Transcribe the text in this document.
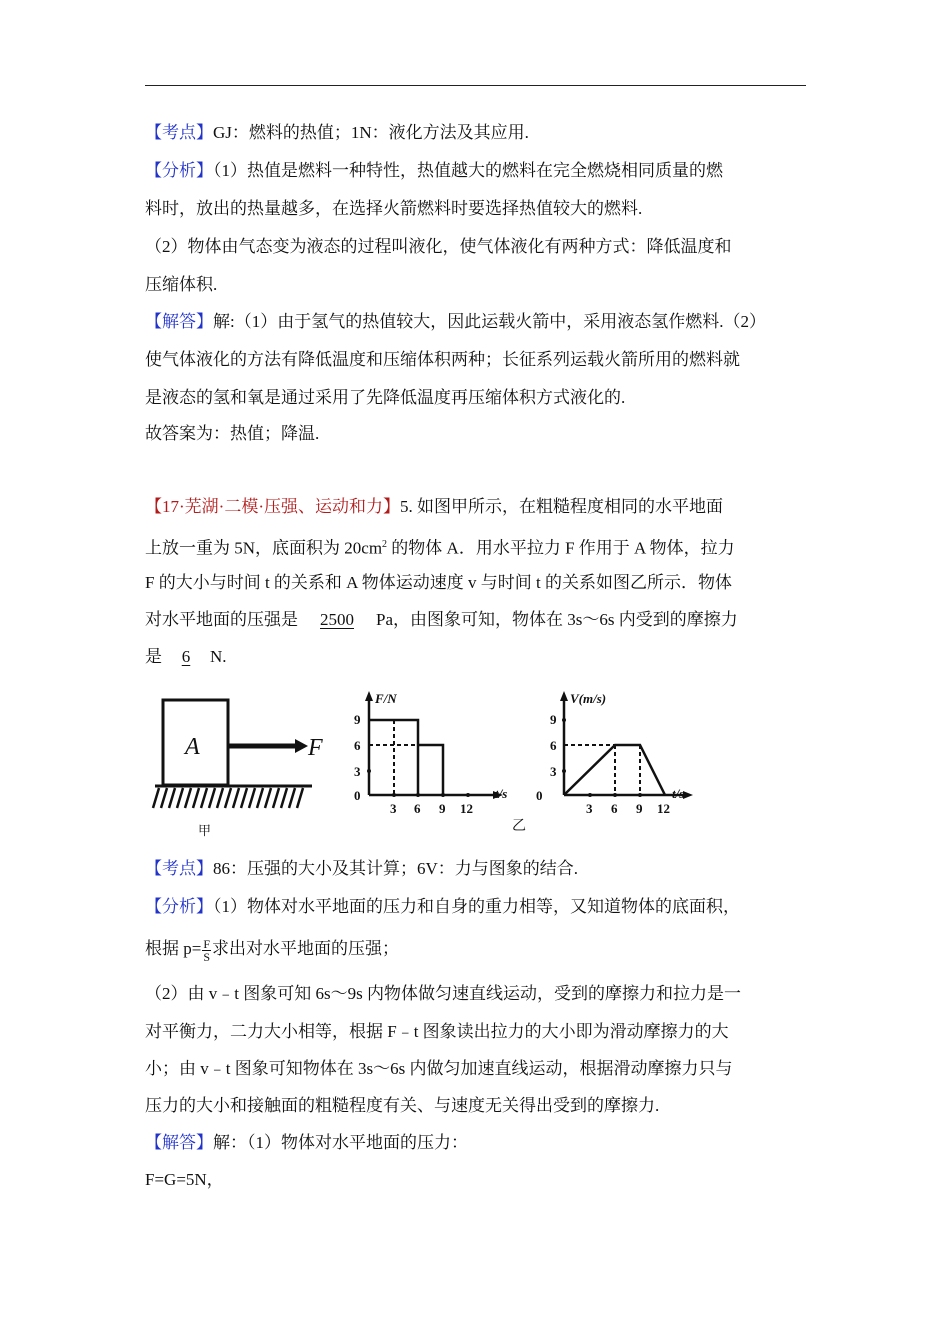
【考点】GJ：燃料的热值；1N：液化方法及其应用.
【分析】（1）热值是燃料一种特性，热值越大的燃料在完全燃烧相同质量的燃
料时，放出的热量越多，在选择火箭燃料时要选择热值较大的燃料.
（2）物体由气态变为液态的过程叫液化，使气体液化有两种方式：降低温度和
压缩体积.
【解答】解:（1）由于氢气的热值较大，因此运载火箭中，采用液态氢作燃料.（2）
使气体液化的方法有降低温度和压缩体积两种；长征系列运载火箭所用的燃料就
是液态的氢和氧是通过采用了先降低温度再压缩体积方式液化的.
故答案为：热值；降温.
【17·芜湖·二模·压强、运动和力】5. 如图甲所示，在粗糙程度相同的水平地面
上放一重为 5N，底面积为 $20cm^2$ 的物体 A．用水平拉力 F 作用于 A 物体，拉力
F 的大小与时间 t 的关系和 A 物体运动速度 v 与时间 t 的关系如图乙所示．物体
对水平地面的压强是 2500 Pa，由图象可知，物体在 3s～6s 内受到的摩擦力
是 6 N.
A	F
甲
F/N
t/s
9
6
3
0
3 6 9 12
V(m/s)
t/s
9
6
3
0
3 6 9 12
乙
【考点】86：压强的大小及其计算；6V：力与图象的结合.
【分析】（1）物体对水平地面的压力和自身的重力相等，又知道物体的底面积，
根据 $p= \frac{F}{S}$ 求出对水平地面的压强；
（2）由 v﹣t 图象可知 6s～9s 内物体做匀速直线运动，受到的摩擦力和拉力是一
对平衡力，二力大小相等，根据 F﹣t 图象读出拉力的大小即为滑动摩擦力的大
小；由 v﹣t 图象可知物体在 3s～6s 内做匀加速直线运动，根据滑动摩擦力只与
压力的大小和接触面的粗糙程度有关、与速度无关得出受到的摩擦力.
【解答】解：（1）物体对水平地面的压力：
F=G=5N，
